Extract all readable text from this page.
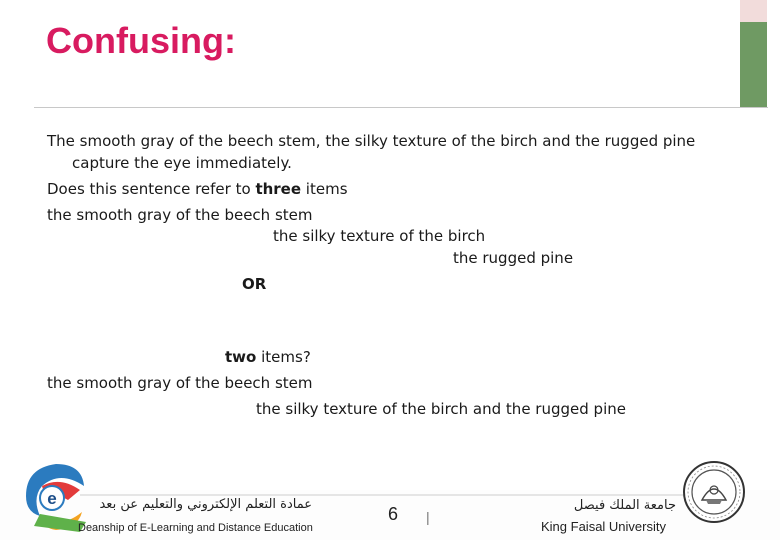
Confusing:
The smooth gray of the beech stem, the silky texture of the birch and the rugged pine
capture the eye immediately.
Does this sentence refer to three items
the smooth gray of the beech stem
the silky texture of the birch
the rugged pine
OR
two items?
the smooth gray of the beech stem
the silky texture of the birch and the rugged pine
e	عمادة التعلم الإلكتروني والتعليم عن بعد
Deanship of E-Learning and Distance Education
6 |
جامعة الملك فيصل
King Faisal University
